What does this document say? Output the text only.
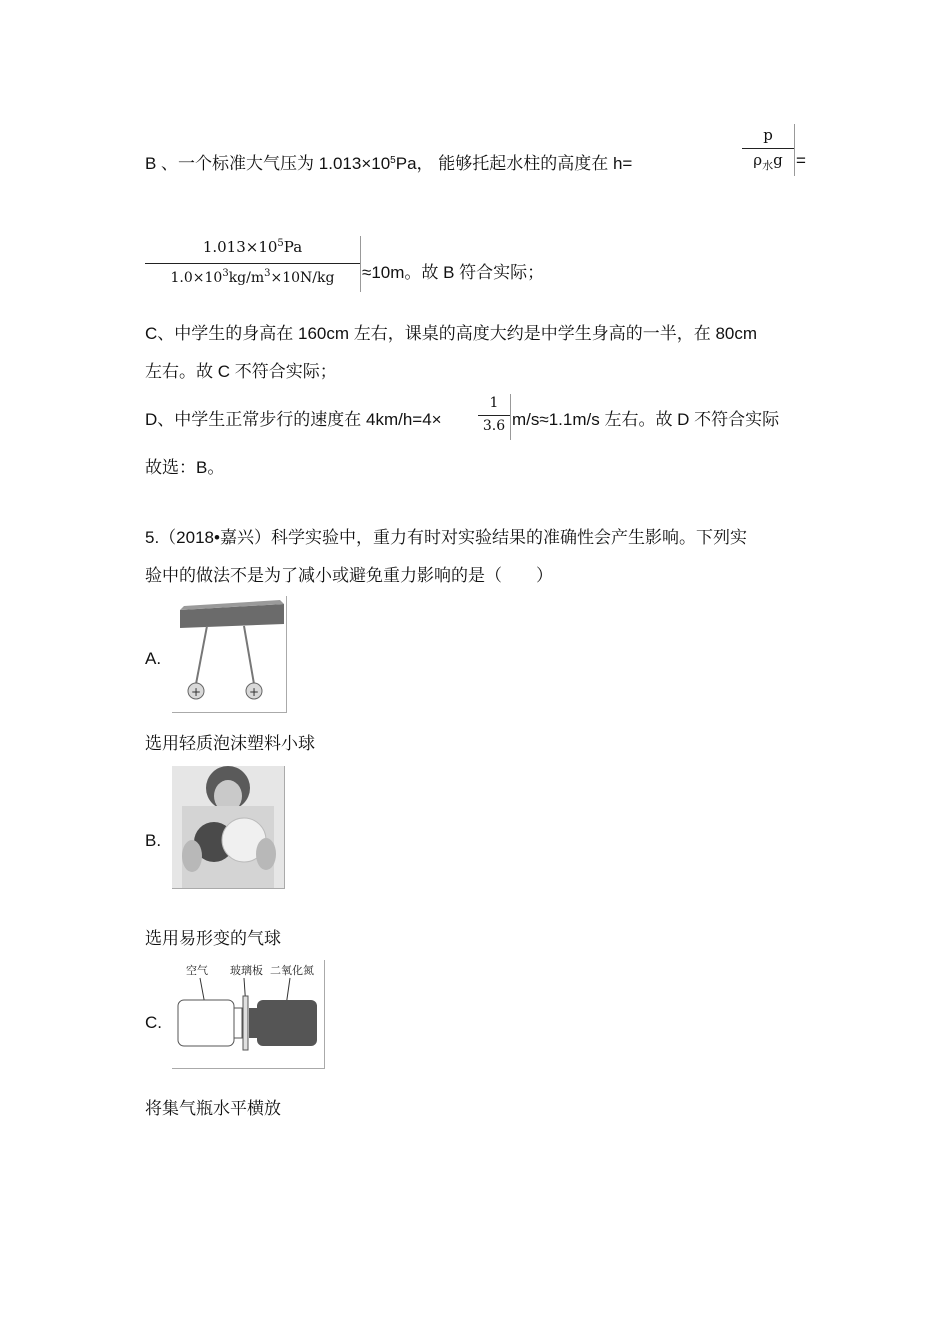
B 、一个标准大气压为 $1.013\times 10^5Pa$， 能够托起水柱的高度在 h=
p
$\rho_水g$ =
$1.013\times 10^5Pa$
$1.0\times 10^3kg/m^3\times 10N/kg$	≈10m。故 B 符合实际；
C、中学生的身高在 160cm 左右，课桌的高度大约是中学生身高的一半，在 80cm
左右。故 C 不符合实际；
D、中学生正常步行的速度在 4km/h=4×
1
3.6 m/s≈1.1m/s 左右。故 D 不符合实际
故选：B。
5.（2018•嘉兴）科学实验中，重力有时对实验结果的准确性会产生影响。下列实
验中的做法不是为了减小或避免重力影响的是（　　）
A.
+	+
选用轻质泡沫塑料小球
B.
选用易形变的气球
C.
空气 玻璃板 二氧化氮
将集气瓶水平横放
